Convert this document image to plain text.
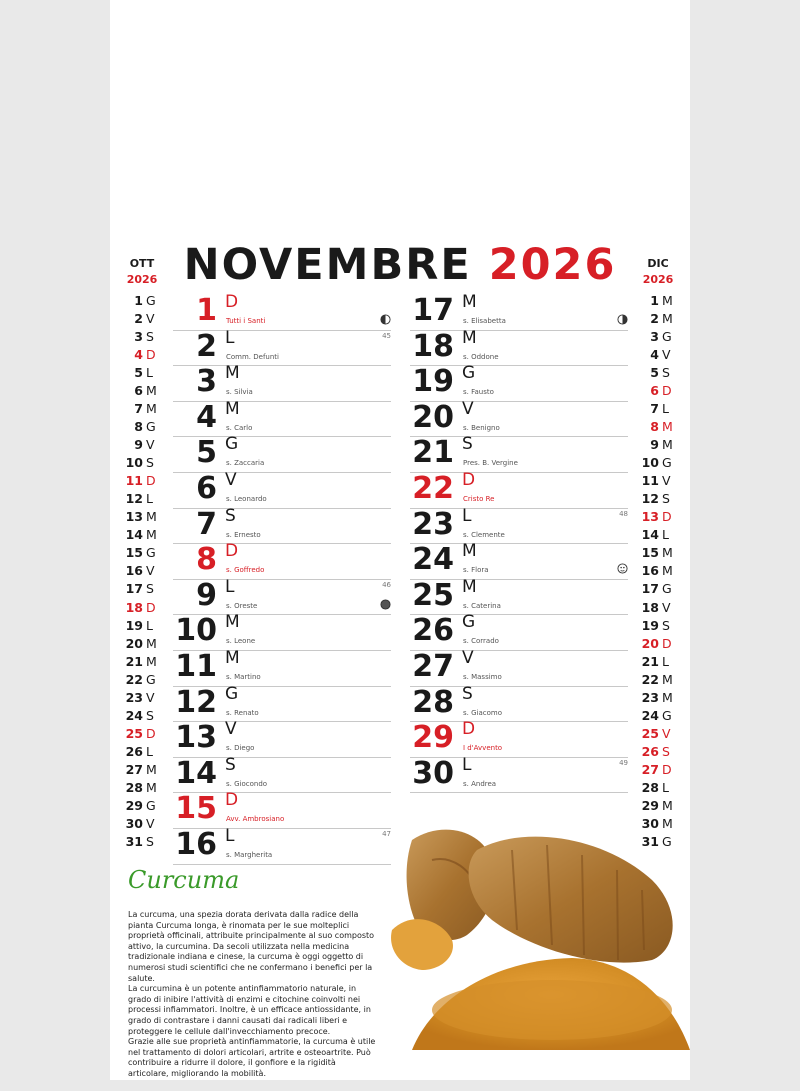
NOVEMBRE 2026
OTT
2026
1 G
2 V
3 S
4 D
5 L
6 M
7 M
8 G
9 V
10 S
11 D
12 L
13 M
14 M
15 G
16 V
17 S
18 D
19 L
20 M
21 M
22 G
23 V
24 S
25 D
26 L
27 M
28 M
29 G
30 V
31 S
DIC
2026
1 M
2 M
3 G
4 V
5 S
6 D
7 L
8 M
9 M
10 G
11 V
12 S
13 D
14 L
15 M
16 M
17 G
18 V
19 S
20 D
21 L
22 M
23 M
24 G
25 V
26 S
27 D
28 L
29 M
30 M
31 G
1 D
Tutti i Santi
2 L
Comm. Defunti
45
3 M
s. Silvia
4 M
s. Carlo
5 G
s. Zaccaria
6 V
s. Leonardo
7 S
s. Ernesto
8 D
s. Goffredo
9 L
s. Oreste
46
10 M
s. Leone
11 M
s. Martino
12 G
s. Renato
13 V
s. Diego
14 S
s. Giocondo
15 D
Avv. Ambrosiano
16 L
s. Margherita
47
17 M
s. Elisabetta
18 M
s. Oddone
19 G
s. Fausto
20 V
s. Benigno
21 S
Pres. B. Vergine
22 D
Cristo Re
23 L
s. Clemente
48
24 M
s. Flora
25 M
s. Caterina
26 G
s. Corrado
27 V
s. Massimo
28 S
s. Giacomo
29 D
I d'Avvento
30 L
s. Andrea
49
Curcuma

La curcuma, una spezia dorata derivata dalla radice della pianta Curcuma longa, è rinomata per le sue molteplici proprietà officinali, attribuite principalmente al suo composto attivo, la curcumina. Da secoli utilizzata nella medicina tradizionale indiana e cinese, la curcuma è oggi oggetto di numerosi studi scientifici che ne confermano i benefici per la salute.

La curcumina è un potente antinfiammatorio naturale, in grado di inibire l'attività di enzimi e citochine coinvolti nei processi infiammatori. Inoltre, è un efficace antiossidante, in grado di contrastare i danni causati dai radicali liberi e proteggere le cellule dall'invecchiamento precoce.

Grazie alle sue proprietà antinfiammatorie, la curcuma è utile nel trattamento di dolori articolari, artrite e osteoartrite. Può contribuire a ridurre il dolore, il gonfiore e la rigidità articolare, migliorando la mobilità.
